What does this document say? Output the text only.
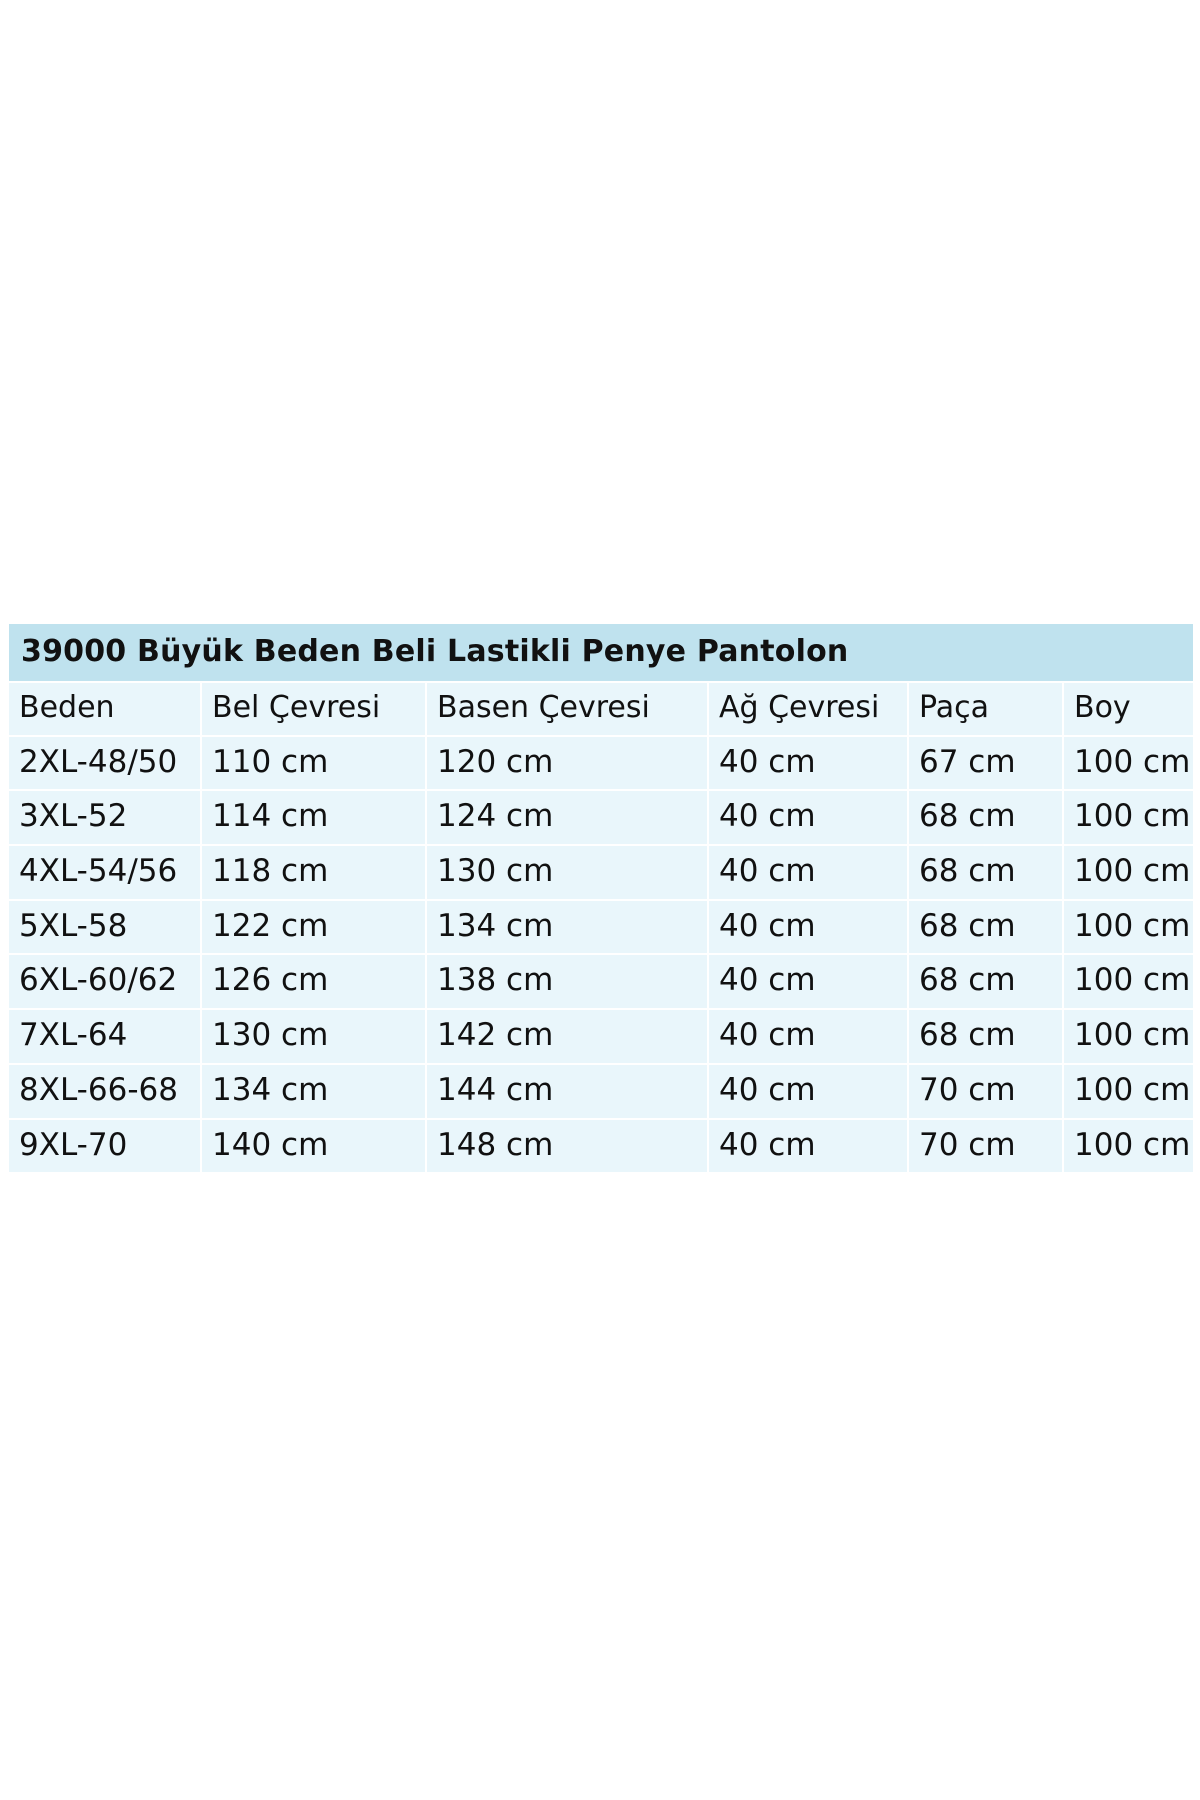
39000 Büyük Beden Beli Lastikli Penye Pantolon
Beden	Bel Çevresi	Basen Çevresi	Ağ Çevresi	Paça	Boy
2XL-48/50	110 cm	120 cm	40 cm	67 cm	100 cm
3XL-52	114 cm	124 cm	40 cm	68 cm	100 cm
4XL-54/56	118 cm	130 cm	40 cm	68 cm	100 cm
5XL-58	122 cm	134 cm	40 cm	68 cm	100 cm
6XL-60/62	126 cm	138 cm	40 cm	68 cm	100 cm
7XL-64	130 cm	142 cm	40 cm	68 cm	100 cm
8XL-66-68	134 cm	144 cm	40 cm	70 cm	100 cm
9XL-70	140 cm	148 cm	40 cm	70 cm	100 cm
